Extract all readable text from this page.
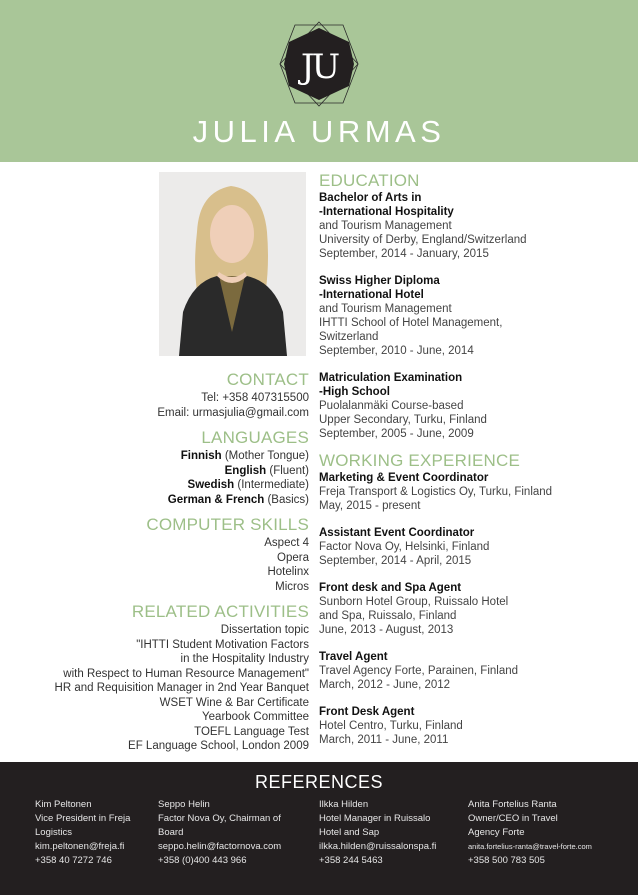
JU
JULIA URMAS
CONTACT
Tel: +358 407315500
Email: urmasjulia@gmail.com
LANGUAGES
Finnish (Mother Tongue)
English (Fluent)
Swedish (Intermediate)
German & French (Basics)
COMPUTER SKILLS
Aspect 4
Opera
Hotelinx
Micros
RELATED ACTIVITIES
Dissertation topic
"IHTTI Student Motivation Factors
in the Hospitality Industry
with Respect to Human Resource Management"
HR and Requisition Manager in 2nd Year Banquet
WSET Wine & Bar Certificate
Yearbook Committee
TOEFL Language Test
EF Language School, London 2009
EDUCATION
Bachelor of Arts in
-International Hospitality
and Tourism Management
University of Derby, England/Switzerland
September, 2014 - January, 2015
Swiss Higher Diploma
-International Hotel
and Tourism Management
IHTTI School of Hotel Management,
Switzerland
September, 2010 - June, 2014
Matriculation Examination
-High School
Puolalanmäki Course-based
Upper Secondary, Turku, Finland
September, 2005 - June, 2009
WORKING EXPERIENCE
Marketing & Event Coordinator
Freja Transport & Logistics Oy, Turku, Finland
May, 2015 - present
Assistant Event Coordinator
Factor Nova Oy, Helsinki, Finland
September, 2014 - April, 2015
Front desk and Spa Agent
Sunborn Hotel Group, Ruissalo Hotel
and Spa, Ruissalo, Finland
June, 2013 - August, 2013
Travel Agent
Travel Agency Forte, Parainen, Finland
March, 2012 - June, 2012
Front Desk Agent
Hotel Centro, Turku, Finland
March, 2011 - June, 2011
REFERENCES
Kim Peltonen
Vice President in Freja
Logistics
kim.peltonen@freja.fi
+358 40 7272 746
Seppo Helin
Factor Nova Oy, Chairman of
Board
seppo.helin@factornova.com
+358 (0)400 443 966
Ilkka Hilden
Hotel Manager in Ruissalo
Hotel and Sap
ilkka.hilden@ruissalonspa.fi
+358 244 5463
Anita Fortelius Ranta
Owner/CEO in Travel
Agency Forte
anita.fortelius-ranta@travel-forte.com
+358 500 783 505
